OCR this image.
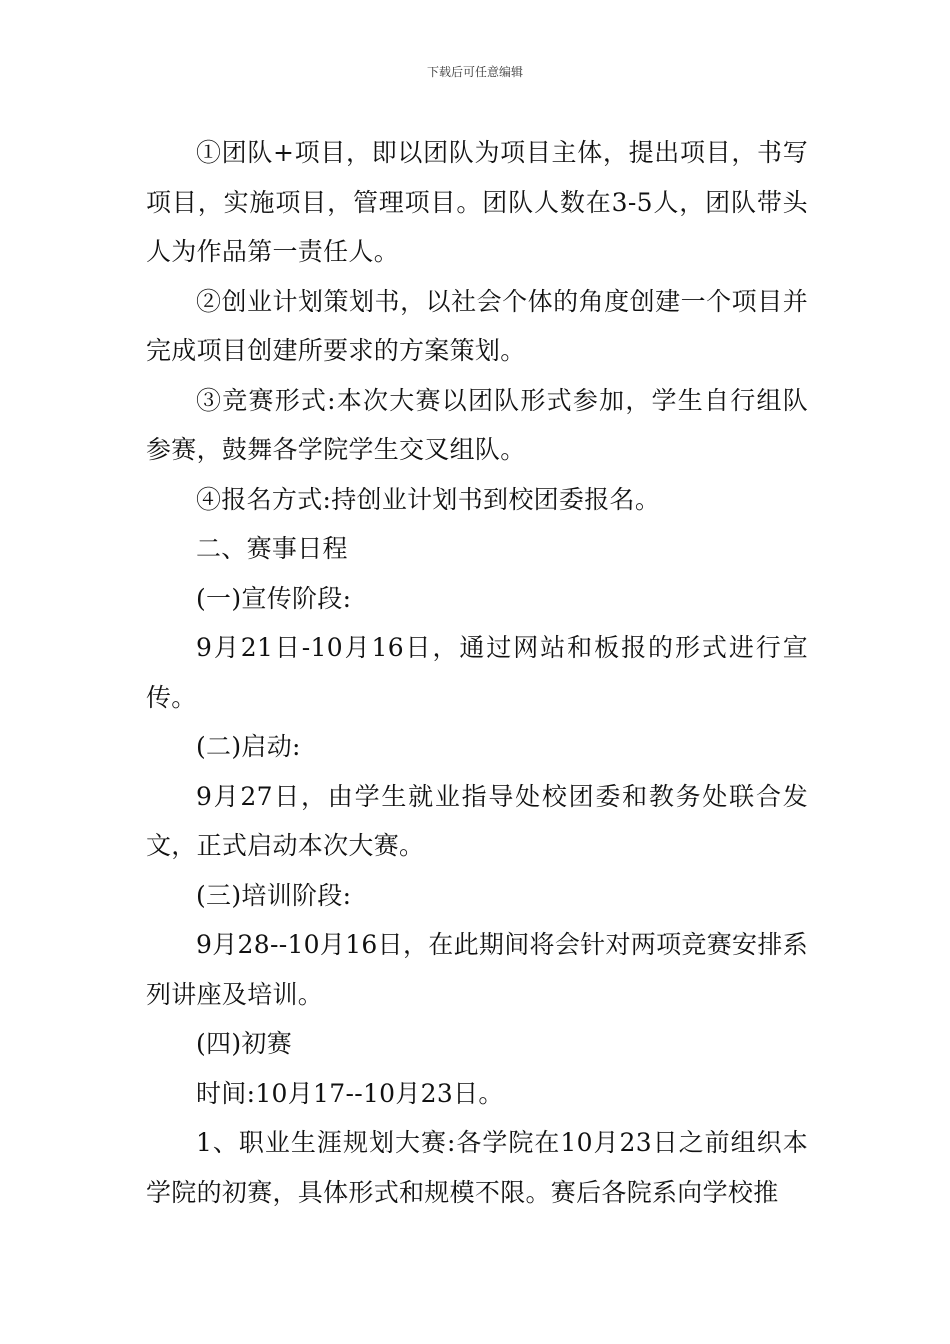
下载后可任意编辑

①团队+项目，即以团队为项目主体，提出项目，书写项目，实施项目，管理项目。团队人数在3-5人，团队带头人为作品第一责任人。

②创业计划策划书，以社会个体的角度创建一个项目并完成项目创建所要求的方案策划。

③竞赛形式:本次大赛以团队形式参加，学生自行组队参赛，鼓舞各学院学生交叉组队。

④报名方式:持创业计划书到校团委报名。

二、赛事日程

(一)宣传阶段:

9月21日-10月16日，通过网站和板报的形式进行宣传。

(二)启动:

9月27日，由学生就业指导处校团委和教务处联合发文，正式启动本次大赛。

(三)培训阶段:

9月28--10月16日，在此期间将会针对两项竞赛安排系列讲座及培训。

(四)初赛

时间:10月17--10月23日。

1、职业生涯规划大赛:各学院在10月23日之前组织本学院的初赛，具体形式和规模不限。赛后各院系向学校推
